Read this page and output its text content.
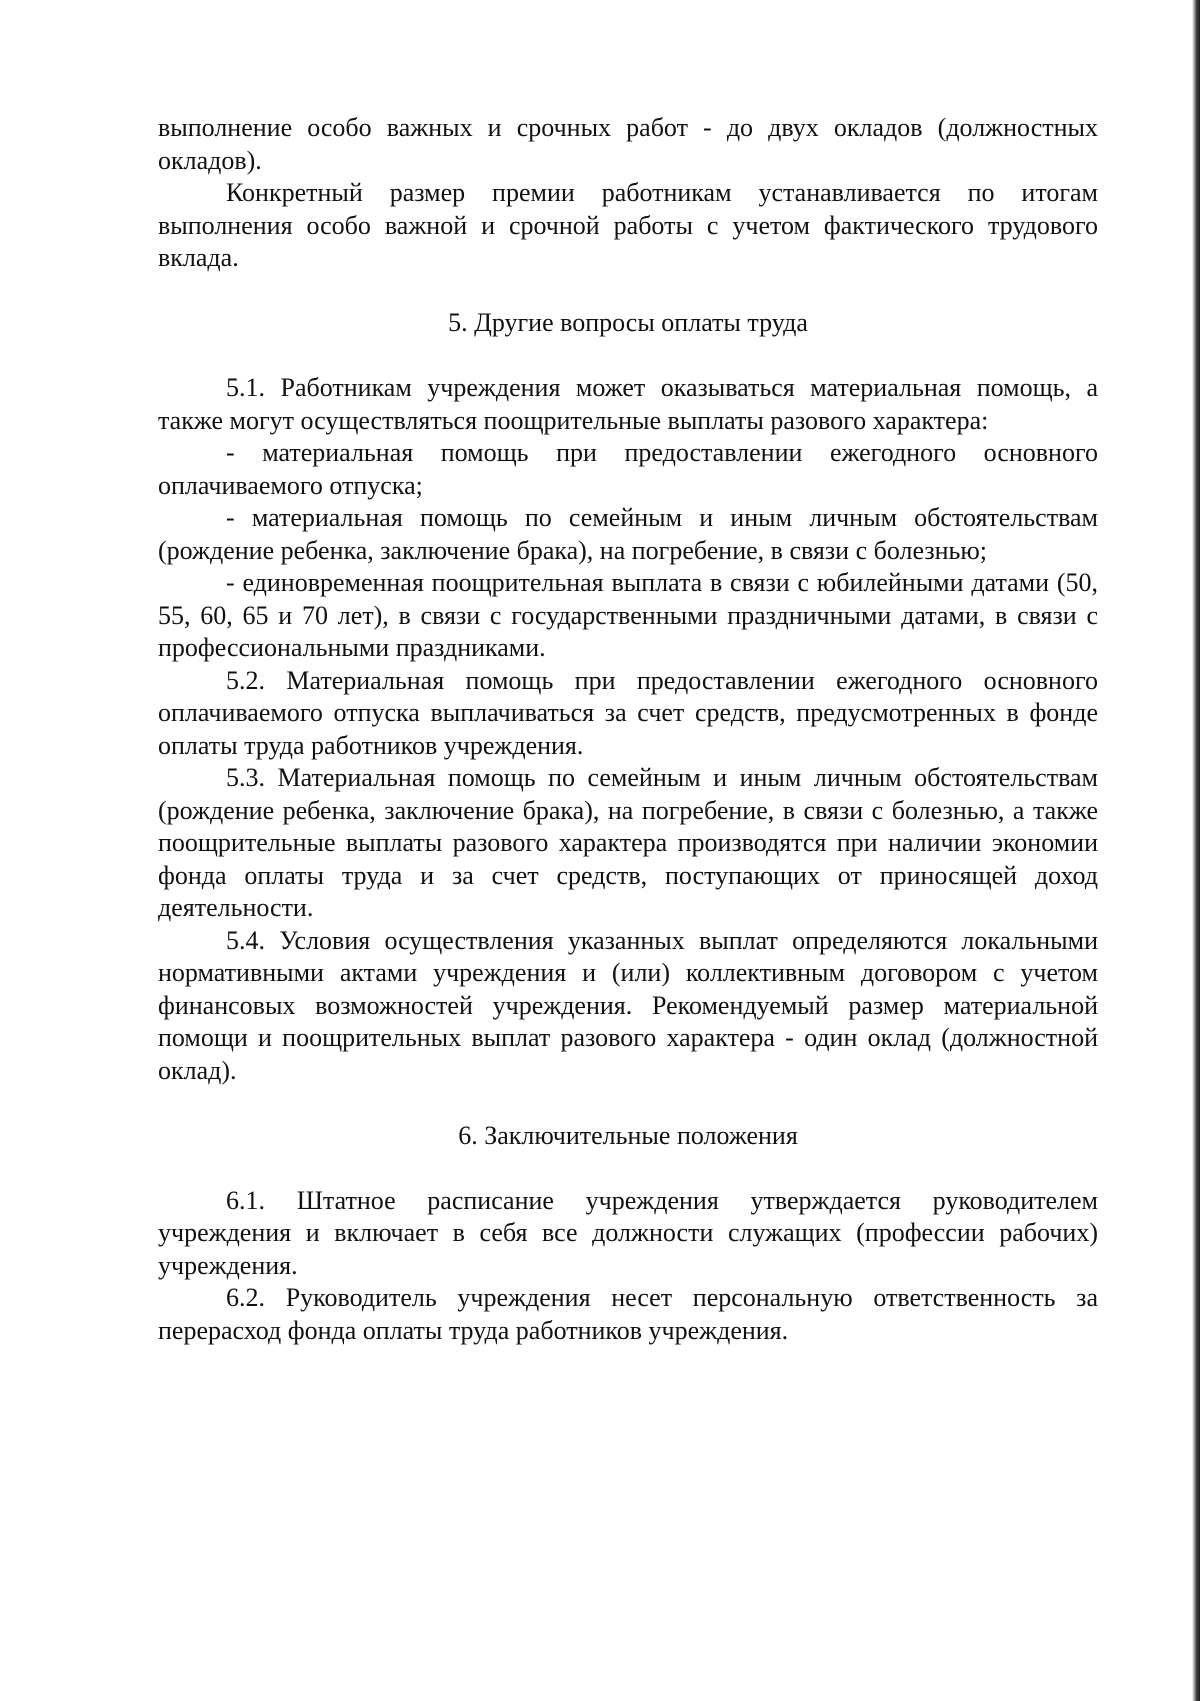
выполнение особо важных и срочных работ - до двух окладов (должностных окладов).

Конкретный размер премии работникам устанавливается по итогам выполнения особо важной и срочной работы с учетом фактического трудового вклада.

5. Другие вопросы оплаты труда

5.1. Работникам учреждения может оказываться материальная помощь, а также могут осуществляться поощрительные выплаты разового характера:

- материальная помощь при предоставлении ежегодного основного оплачиваемого отпуска;

- материальная помощь по семейным и иным личным обстоятельствам (рождение ребенка, заключение брака), на погребение, в связи с болезнью;

- единовременная поощрительная выплата в связи с юбилейными датами (50, 55, 60, 65 и 70 лет), в связи с государственными праздничными датами, в связи с профессиональными праздниками.

5.2. Материальная помощь при предоставлении ежегодного основного оплачиваемого отпуска выплачиваться за счет средств, предусмотренных в фонде оплаты труда работников учреждения.

5.3. Материальная помощь по семейным и иным личным обстоятельствам (рождение ребенка, заключение брака), на погребение, в связи с болезнью, а также поощрительные выплаты разового характера производятся при наличии экономии фонда оплаты труда и за счет средств, поступающих от приносящей доход деятельности.

5.4. Условия осуществления указанных выплат определяются локальными нормативными актами учреждения и (или) коллективным договором с учетом финансовых возможностей учреждения. Рекомендуемый размер материальной помощи и поощрительных выплат разового характера - один оклад (должностной оклад).

6. Заключительные положения

6.1. Штатное расписание учреждения утверждается руководителем учреждения и включает в себя все должности служащих (профессии рабочих) учреждения.

6.2. Руководитель учреждения несет персональную ответственность за перерасход фонда оплаты труда работников учреждения.
